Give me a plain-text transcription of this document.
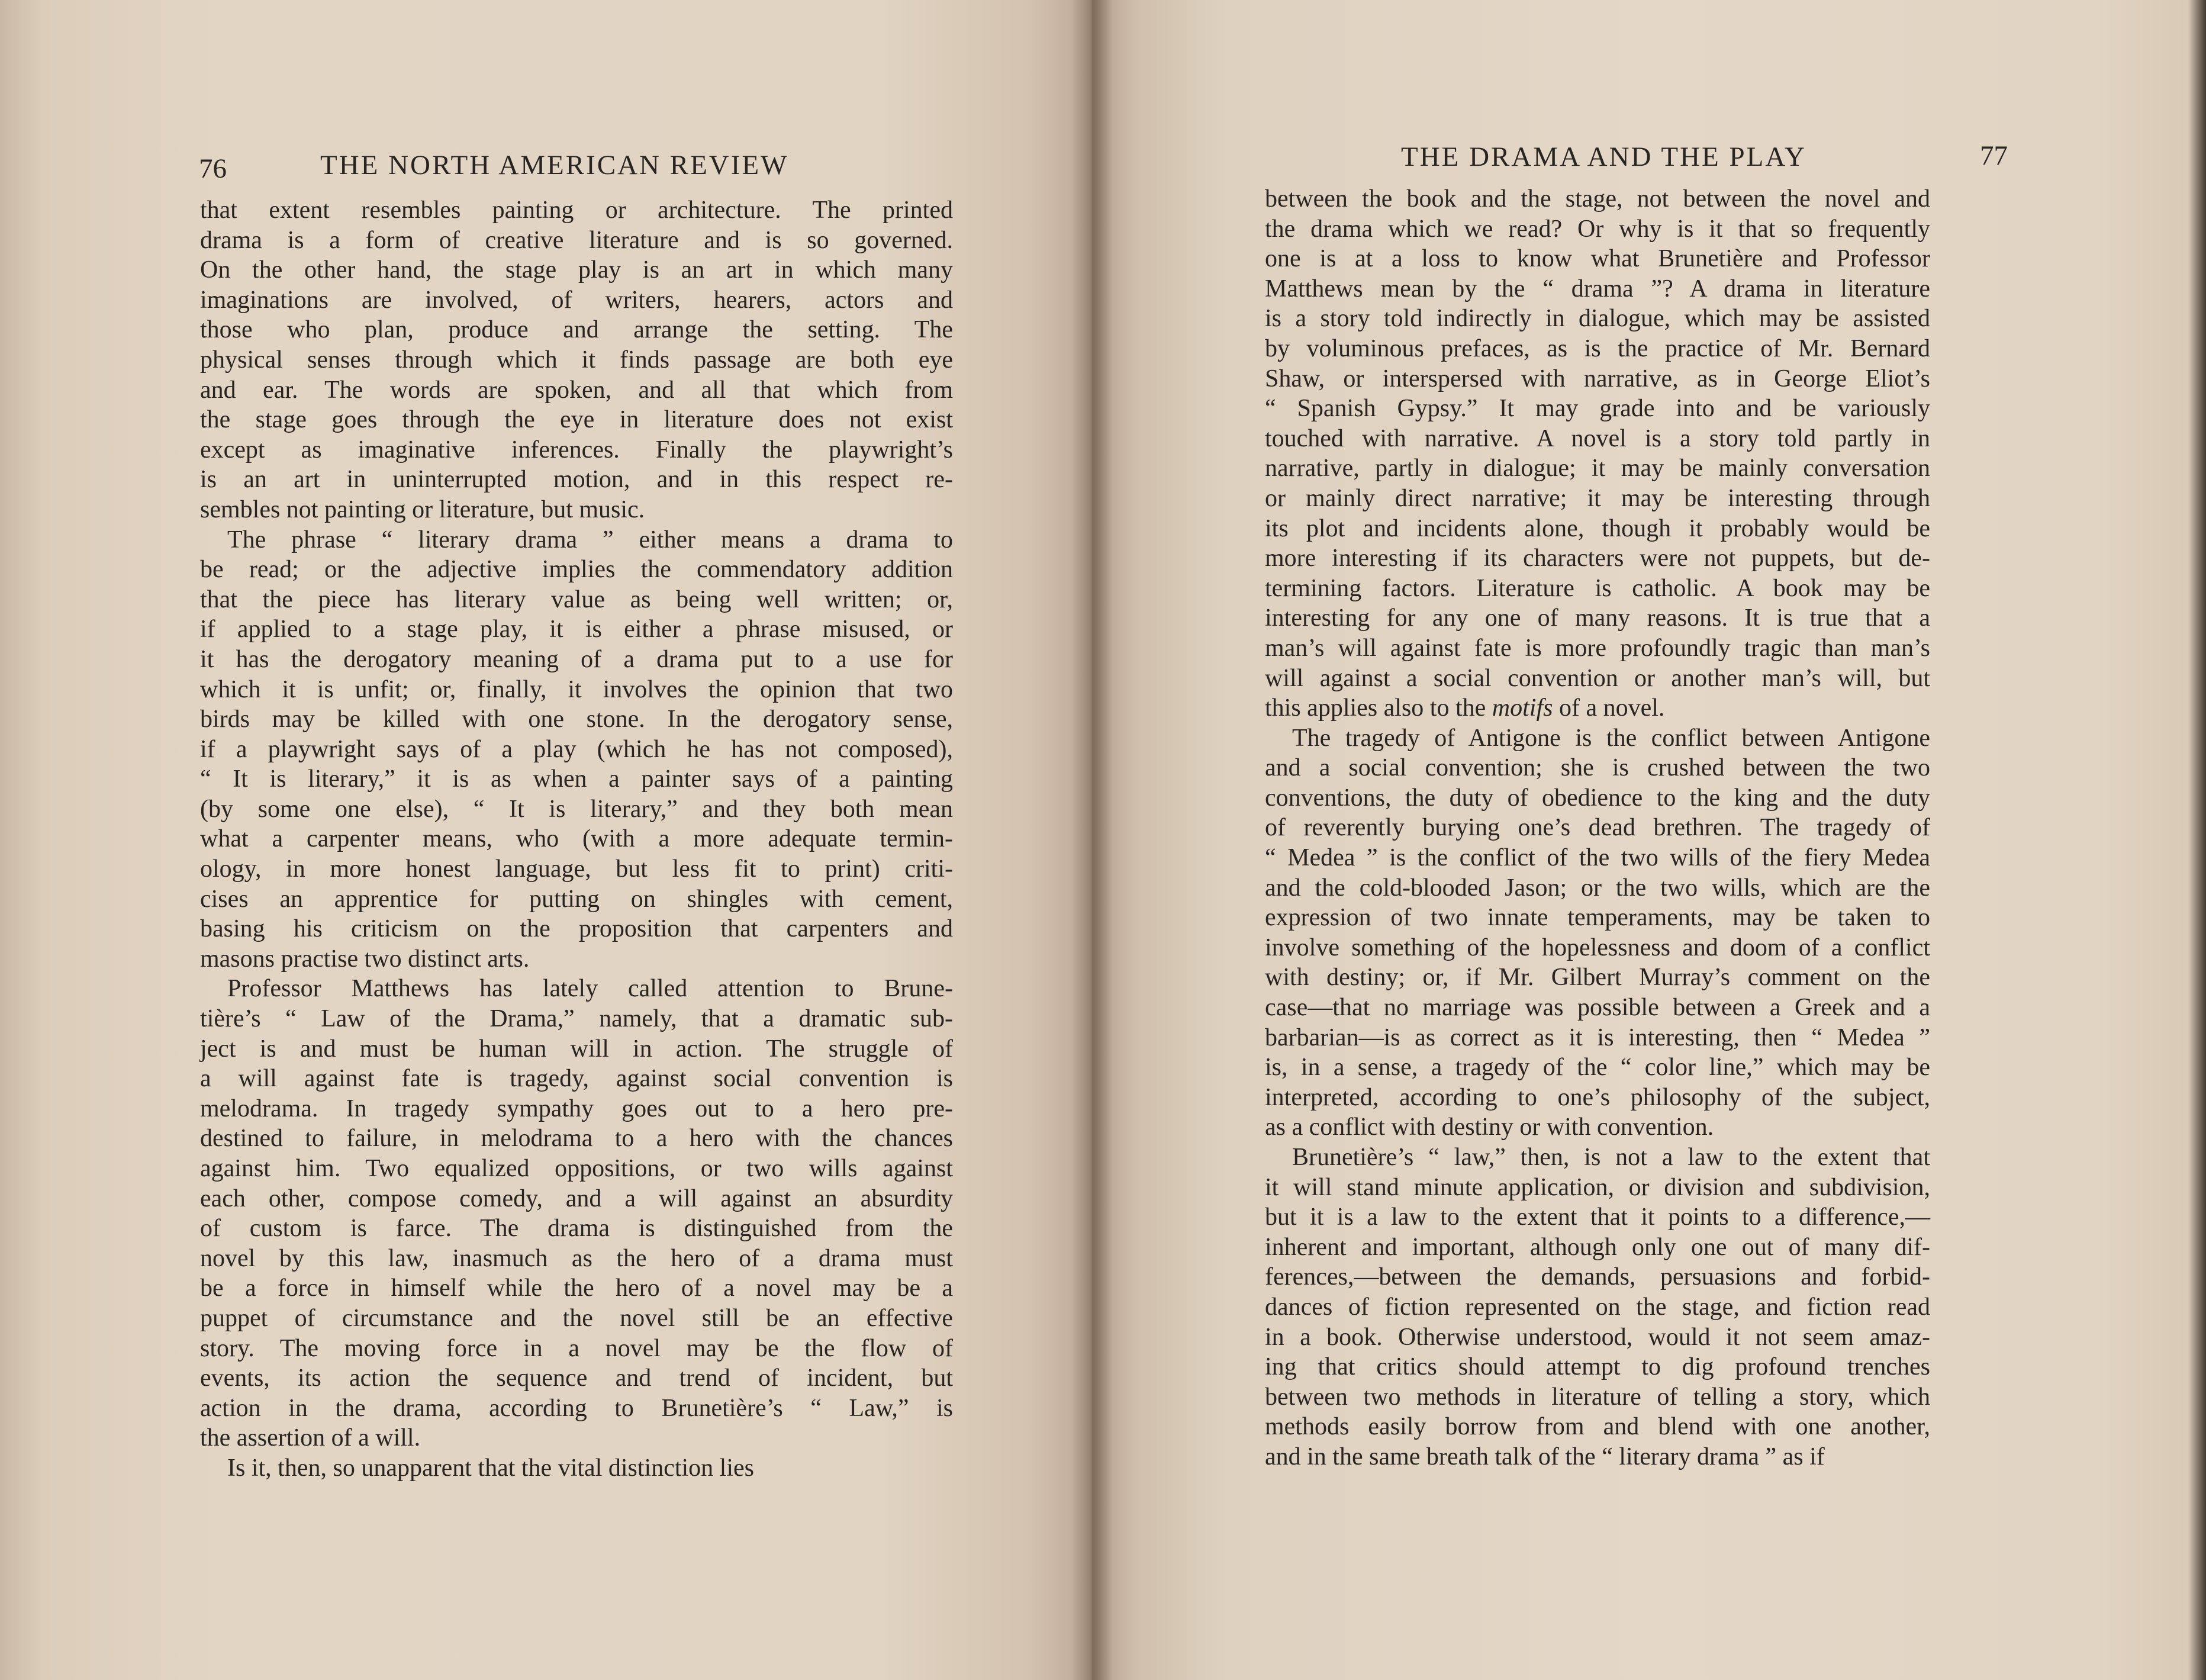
76	THE NORTH AMERICAN REVIEW
that extent resembles painting or architecture. The printed
drama is a form of creative literature and is so governed.
On the other hand, the stage play is an art in which many
imaginations are involved, of writers, hearers, actors and
those who plan, produce and arrange the setting. The
physical senses through which it finds passage are both eye
and ear. The words are spoken, and all that which from
the stage goes through the eye in literature does not exist
except as imaginative inferences. Finally the playwright’s
is an art in uninterrupted motion, and in this respect re-
sembles not painting or literature, but music.
The phrase “ literary drama ” either means a drama to
be read; or the adjective implies the commendatory addition
that the piece has literary value as being well written; or,
if applied to a stage play, it is either a phrase misused, or
it has the derogatory meaning of a drama put to a use for
which it is unfit; or, finally, it involves the opinion that two
birds may be killed with one stone. In the derogatory sense,
if a playwright says of a play (which he has not composed),
“ It is literary,” it is as when a painter says of a painting
(by some one else), “ It is literary,” and they both mean
what a carpenter means, who (with a more adequate termin-
ology, in more honest language, but less fit to print) criti-
cises an apprentice for putting on shingles with cement,
basing his criticism on the proposition that carpenters and
masons practise two distinct arts.
Professor Matthews has lately called attention to Brune-
tière’s “ Law of the Drama,” namely, that a dramatic sub-
ject is and must be human will in action. The struggle of
a will against fate is tragedy, against social convention is
melodrama. In tragedy sympathy goes out to a hero pre-
destined to failure, in melodrama to a hero with the chances
against him. Two equalized oppositions, or two wills against
each other, compose comedy, and a will against an absurdity
of custom is farce. The drama is distinguished from the
novel by this law, inasmuch as the hero of a drama must
be a force in himself while the hero of a novel may be a
puppet of circumstance and the novel still be an effective
story. The moving force in a novel may be the flow of
events, its action the sequence and trend of incident, but
action in the drama, according to Brunetière’s “ Law,” is
the assertion of a will.
Is it, then, so unapparent that the vital distinction lies
THE DRAMA AND THE PLAY	77
between the book and the stage, not between the novel and
the drama which we read? Or why is it that so frequently
one is at a loss to know what Brunetière and Professor
Matthews mean by the “ drama ”? A drama in literature
is a story told indirectly in dialogue, which may be assisted
by voluminous prefaces, as is the practice of Mr. Bernard
Shaw, or interspersed with narrative, as in George Eliot’s
“ Spanish Gypsy.” It may grade into and be variously
touched with narrative. A novel is a story told partly in
narrative, partly in dialogue; it may be mainly conversation
or mainly direct narrative; it may be interesting through
its plot and incidents alone, though it probably would be
more interesting if its characters were not puppets, but de-
termining factors. Literature is catholic. A book may be
interesting for any one of many reasons. It is true that a
man’s will against fate is more profoundly tragic than man’s
will against a social convention or another man’s will, but
this applies also to the motifs of a novel.
The tragedy of Antigone is the conflict between Antigone
and a social convention; she is crushed between the two
conventions, the duty of obedience to the king and the duty
of reverently burying one’s dead brethren. The tragedy of
“ Medea ” is the conflict of the two wills of the fiery Medea
and the cold-blooded Jason; or the two wills, which are the
expression of two innate temperaments, may be taken to
involve something of the hopelessness and doom of a conflict
with destiny; or, if Mr. Gilbert Murray’s comment on the
case—that no marriage was possible between a Greek and a
barbarian—is as correct as it is interesting, then “ Medea ”
is, in a sense, a tragedy of the “ color line,” which may be
interpreted, according to one’s philosophy of the subject,
as a conflict with destiny or with convention.
Brunetière’s “ law,” then, is not a law to the extent that
it will stand minute application, or division and subdivision,
but it is a law to the extent that it points to a difference,—
inherent and important, although only one out of many dif-
ferences,—between the demands, persuasions and forbid-
dances of fiction represented on the stage, and fiction read
in a book. Otherwise understood, would it not seem amaz-
ing that critics should attempt to dig profound trenches
between two methods in literature of telling a story, which
methods easily borrow from and blend with one another,
and in the same breath talk of the “ literary drama ” as if
